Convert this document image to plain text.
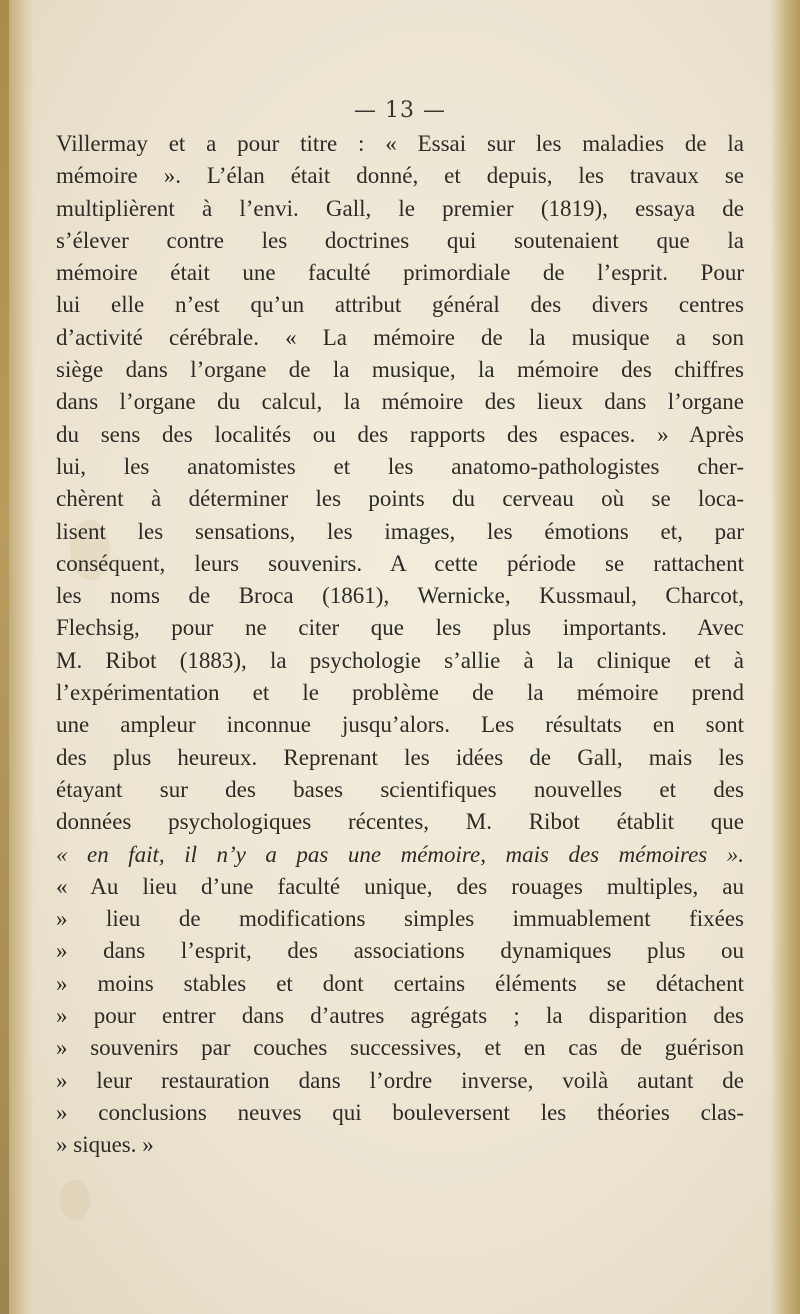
— 13 —
Villermay et a pour titre : « Essai sur les maladies de la
mémoire ». L’élan était donné, et depuis, les travaux se
multiplièrent à l’envi. Gall, le premier (1819), essaya de
s’élever contre les doctrines qui soutenaient que la
mémoire était une faculté primordiale de l’esprit. Pour
lui elle n’est qu’un attribut général des divers centres
d’activité cérébrale. « La mémoire de la musique a son
siège dans l’organe de la musique, la mémoire des chiffres
dans l’organe du calcul, la mémoire des lieux dans l’organe
du sens des localités ou des rapports des espaces. » Après
lui, les anatomistes et les anatomo-pathologistes cher-
chèrent à déterminer les points du cerveau où se loca-
lisent les sensations, les images, les émotions et, par
conséquent, leurs souvenirs. A cette période se rattachent
les noms de Broca (1861), Wernicke, Kussmaul, Charcot,
Flechsig, pour ne citer que les plus importants. Avec
M. Ribot (1883), la psychologie s’allie à la clinique et à
l’expérimentation et le problème de la mémoire prend
une ampleur inconnue jusqu’alors. Les résultats en sont
des plus heureux. Reprenant les idées de Gall, mais les
étayant sur des bases scientifiques nouvelles et des
données psychologiques récentes, M. Ribot établit que
« en fait, il n’y a pas une mémoire, mais des mémoires ».
« Au lieu d’une faculté unique, des rouages multiples, au
» lieu de modifications simples immuablement fixées
» dans l’esprit, des associations dynamiques plus ou
» moins stables et dont certains éléments se détachent
» pour entrer dans d’autres agrégats ; la disparition des
» souvenirs par couches successives, et en cas de guérison
» leur restauration dans l’ordre inverse, voilà autant de
» conclusions neuves qui bouleversent les théories clas-
» siques. »
